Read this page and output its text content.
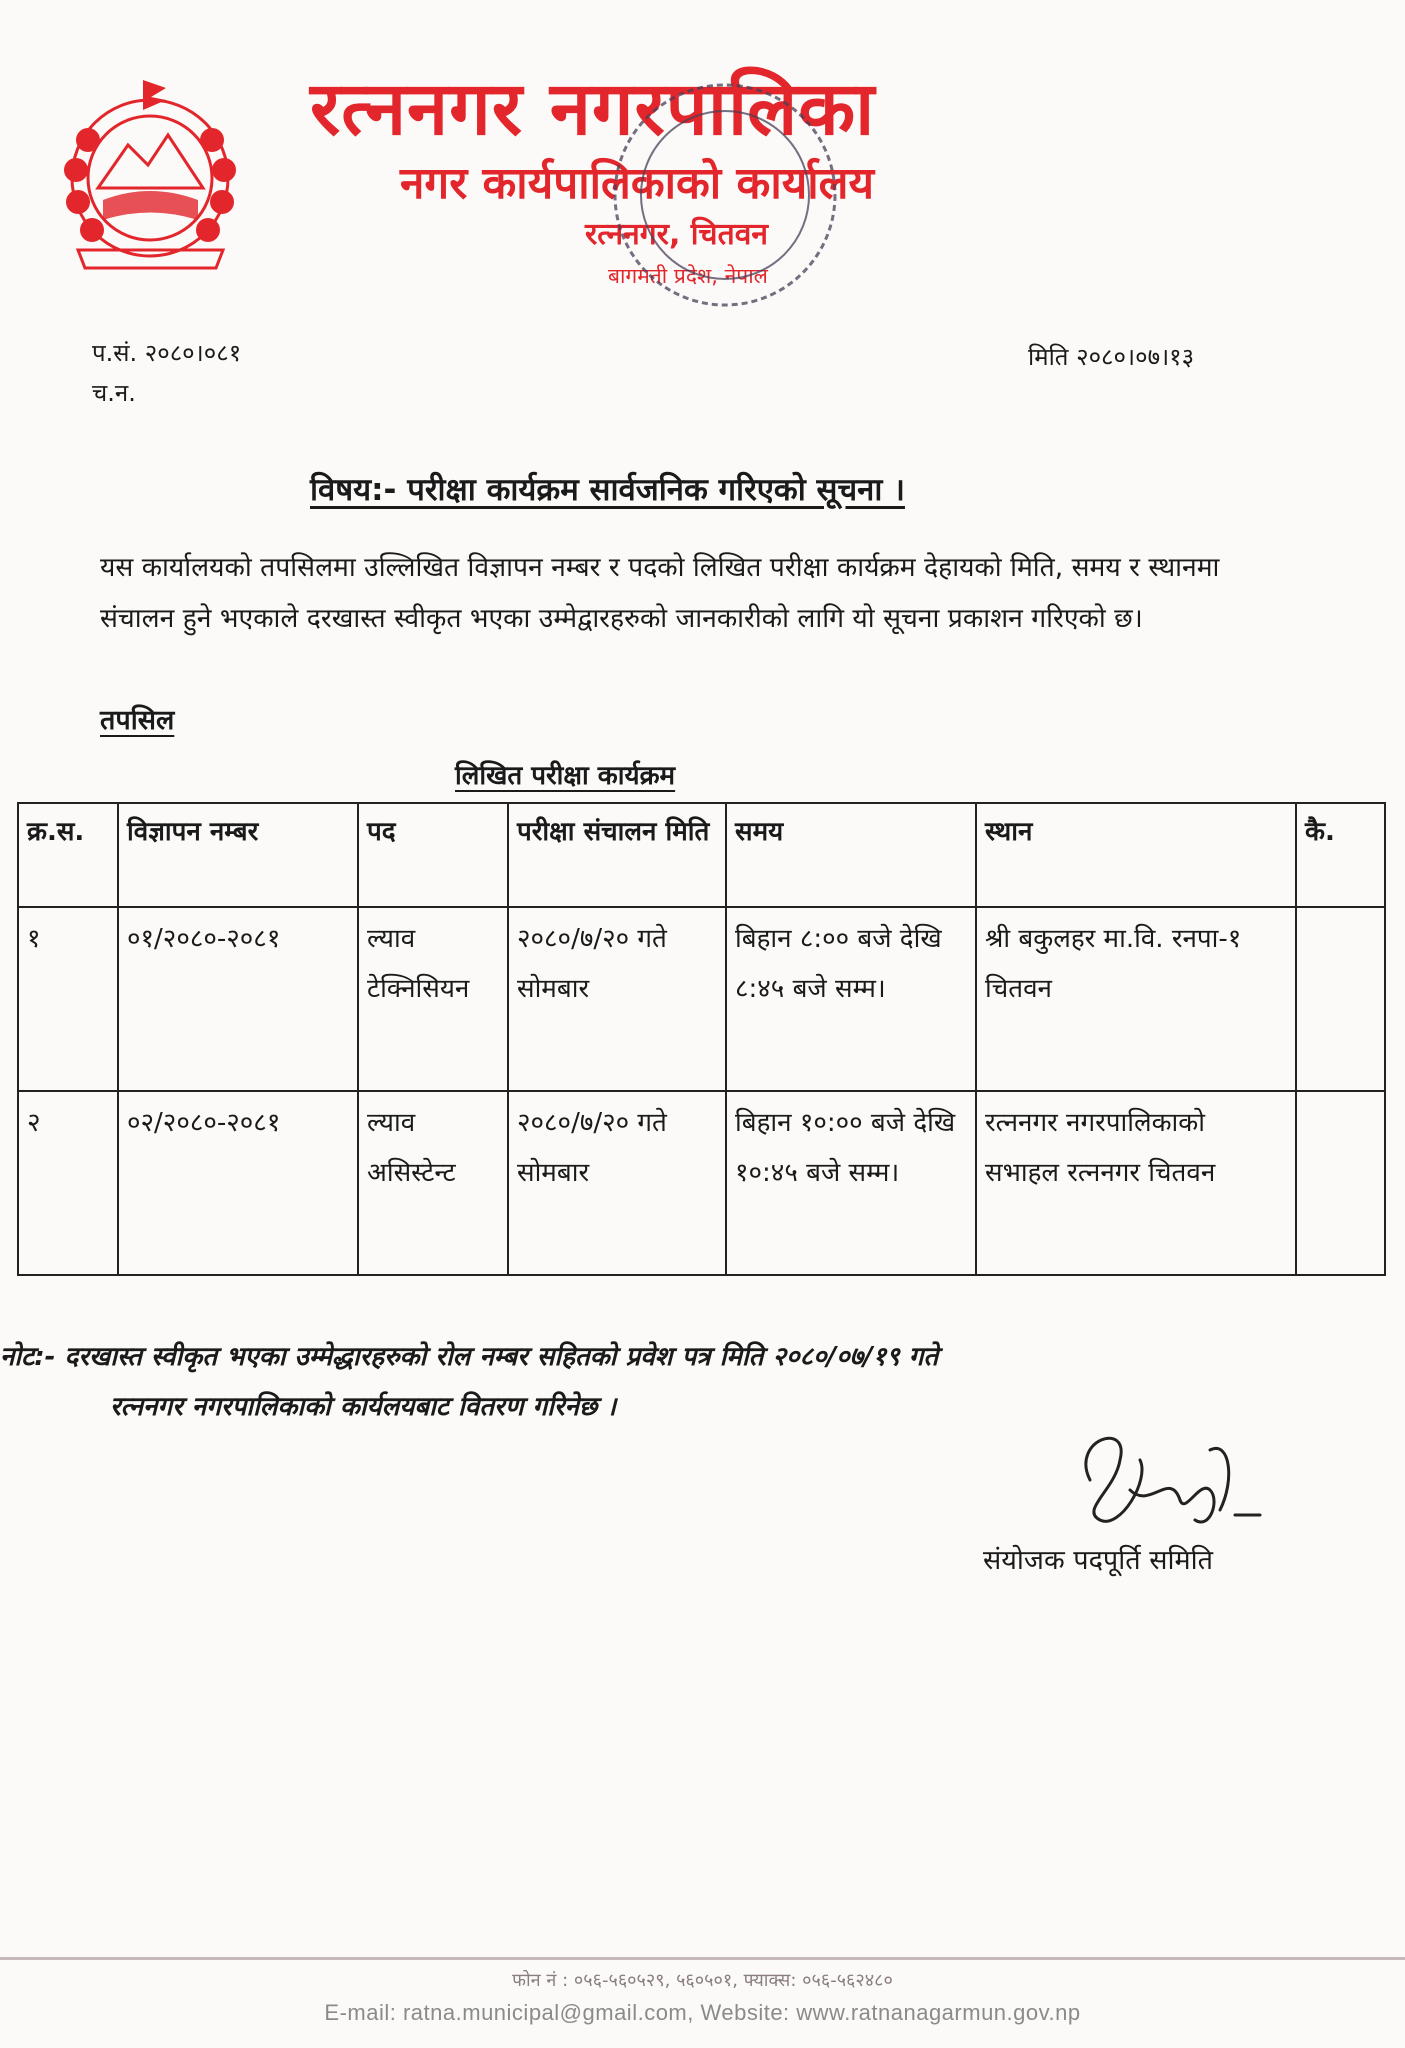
रत्ननगर नगरपालिका
नगर कार्यपालिकाको कार्यालय
रत्ननगर, चितवन
बागमती प्रदेश, नेपाल
प.सं. २०८०।०८१
च.न.
मिति २०८०।०७।१३
विषय:- परीक्षा कार्यक्रम सार्वजनिक गरिएको सूचना ।
यस कार्यालयको तपसिलमा उल्लिखित विज्ञापन नम्बर र पदको लिखित परीक्षा कार्यक्रम देहायको मिति, समय र स्थानमा संचालन हुने भएकाले दरखास्त स्वीकृत भएका उम्मेद्वारहरुको जानकारीको लागि यो सूचना प्रकाशन गरिएको छ।
तपसिल
लिखित परीक्षा कार्यक्रम
क्र.स.	विज्ञापन नम्बर	पद	परीक्षा संचालन मिति	समय	स्थान	कै.
१	०१/२०८०-२०८१	ल्याव टेक्निसियन	२०८०/७/२० गते सोमबार	बिहान ८:०० बजे देखि ८:४५ बजे सम्म।	श्री बकुलहर मा.वि. रनपा-१ चितवन	
२	०२/२०८०-२०८१	ल्याव असिस्टेन्ट	२०८०/७/२० गते सोमबार	बिहान १०:०० बजे देखि १०:४५ बजे सम्म।	रत्ननगर नगरपालिकाको सभाहल रत्ननगर चितवन	
नोट:- दरखास्त स्वीकृत भएका उम्मेद्धारहरुको रोल नम्बर सहितको प्रवेश पत्र मिति २०८०/०७/१९ गते
रत्ननगर नगरपालिकाको कार्यलयबाट वितरण गरिनेछ ।
संयोजक पदपूर्ति समिति
फोन नं : ०५६-५६०५२९, ५६०५०१, फ्याक्स: ०५६-५६२४८०
E-mail: ratna.municipal@gmail.com, Website: www.ratnanagarmun.gov.np
